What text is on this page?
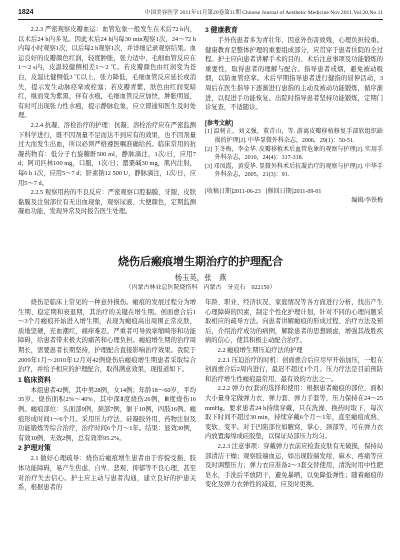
1824	中国美容医学 2011年11月第20卷第11期 Chinese Journal of Aesthetic Medicine Nov.2011.Vol.20,No.11

2.2.3 严密观察皮瓣血运：血管危象一般发生在术后72 h内，以术后24 h内多见。因此术后24 h内每30 min观察1次，24～72 h内每小时观察1次，以后每2 h观察1次，并详细记录观察结果。血运良好的皮瓣颜色红润，轻度肿胀，张力适中，毛细血管反应在1～2 s内，皮温较健侧相差1～2 ℃。若皮瓣颜色由红润变为苍白，皮温比健侧低3 ℃以上，张力降低，毛细血管反应延长或消失，提示发生动脉痉挛或栓塞；若皮瓣青紫，肤色由红润变暗红，继而变为紫黑，伴有水疱，毛细血管反应加快，肿胀明显，有时可出现张力性水疱，提示静脉危象，应立即通知医生及时处理。

2.2.4 抗凝、溶栓治疗的护理：抗凝、溶栓治疗应在严密监测下科学进行，既不因剂量不足而达不到应有的效果，也不因剂量过大而发生出血，所以必须严格遵医嘱准确给药。临床常用的抗凝药物有：低分子右旋糖酐500 ml，静脉滴注，1次/日，应用7 d；阿司匹林100 mg，口服，1次/日；罂粟碱30 mg，肌内注射，每6 h 1次，应用5～7 d；肝素钠12 500 U，静脉滴注，1次/日，应用5～7 d。

2.2.5 观察用药的不良反应：严密观察口腔黏膜、牙龈、皮肤黏膜及注射部位有无出血现象，观察尿液、大便颜色，定期监测凝血功能，发现异常及时报告医生处理。

3 健康教育

手外伤患者多为青壮年，因意外伤害致残，心理负担较重。健康教育是整体护理的重要组成部分，应贯穿于患者住院的全过程。护士应向患者讲解手术的目的、术后注意事项及功能锻炼的重要性，取得患者的理解与配合。指导患者戒烟，避免被动吸烟，以防血管痉挛。术后早期指导患者进行健指的屈伸活动，3周后在医生指导下逐渐进行患指的主动及被动功能锻炼，循序渐进，以促进手功能恢复。出院时指导患者坚持功能锻炼，定期门诊复查，不适随诊。

[参考文献]
[1] 温树正，刘义强，董青山，等. 游离皮瓣移植修复手部软组织缺损的护理[J]. 中华显微外科杂志，2006，29(1)：50-51.
[2] 王冬梅，李金华. 皮瓣移植术后血管危象的观察与护理[J]. 实用手外科杂志，2010，24(4)：317-318.
[3] 邓凤霞，黄爱华. 显微外科术后抗凝治疗的观察与护理[J]. 中华手外科杂志，2005，21(3)：91.
[收稿日期]2011-06-23 [修回日期]2011-09-01
编辑/李铁梅
烧伤后瘢痕增生期治疗的护理配合
杨玉英，张　燕
（内蒙古林业总医院烧伤科　内蒙古　牙克石　022150）

烧伤是临床上常见的一种意外损伤。瘢痕的发展过程分为增生期、稳定期和衰退期，其治疗的关键在增生期。创面愈合后1～3个月瘢痕开始进入增生期，表现为瘢痕高出周围正常皮肤，质地坚硬，充血潮红，痛痒难忍，严重者可导致挛缩畸形和功能障碍，给患者带来极大的痛苦和心理负担。瘢痕增生期的治疗周期长，需要患者长期坚持，护理配合直接影响治疗效果。我院于2009年1月～2010年12月对42例烧伤后瘢痕增生期患者采取综合治疗，并给予相应的护理配合，取得满意效果，现报道如下。

1 临床资料

本组患者42例，其中男28例，女14例；年龄18～60岁，平均35岁。烧伤面积2%～40%，其中深Ⅱ度烧伤26例，Ⅲ度烧伤16例。瘢痕部位：头面部9例，颈部7例，躯干10例，四肢16例。瘢痕形成时间1～6个月。采用压力疗法、硅凝胶外用、药物注射及功能锻炼等综合治疗，治疗时间6个月～1年。结果：显效30例，有效10例，无效2例，总有效率95.2%。

2 护理对策

2.1 做好心理疏导：烧伤后瘢痕增生患者由于容貌受损、肢体功能障碍，易产生焦虑、自卑、悲观、抑郁等不良心理，甚至对治疗失去信心。护士应主动与患者沟通，建立良好的护患关系，根据患者的

年龄、职业、经济状况、家庭情况等各方面进行分析，找出产生心理障碍的因素，制定个性化护理计划，针对不同的心理问题采取相应的疏导方法。向患者讲解瘢痕的形成过程、治疗方法及预后，介绍治疗成功的病例，解除患者的思想顾虑，增强其战胜疾病的信心，使其积极主动配合治疗。

2.2 瘢痕增生期压迫疗法的护理

2.2.1 压迫治疗的时机：创面愈合后应尽早开始加压，一般在创面愈合后2周内进行，最迟不超过1个月。压力疗法是目前预防和治疗增生性瘢痕最常用、最有效的方法之一。

2.2.2 弹力衣(套)的选择和使用：根据患者瘢痕的部位、面积大小量身定做弹力衣、弹力套、弹力手套等，压力保持在24～25 mmHg。要求患者24 h持续穿戴，只在洗澡、换药时取下，每次取下时间不超过30 min，持续穿戴6个月～1年，直至瘢痕成熟、变软、变平。对于凹陷部位如腋窝、掌心、颈部等，可在弹力衣内放置海绵或硅胶垫，以保证局部压力均匀。

2.2.3 注意事项：穿戴弹力衣前应检查皮肤有无破损，保持局部清洁干燥；观察肢端血运，如出现肢端发绀、麻木、疼痛等应及时调整压力；弹力衣应准备2～3套交替使用，清洗时用中性肥皂水，手洗后平放阴干，避免暴晒，以免降低弹性；随着瘢痕的变化及弹力衣弹性的减退，应及时更换。
